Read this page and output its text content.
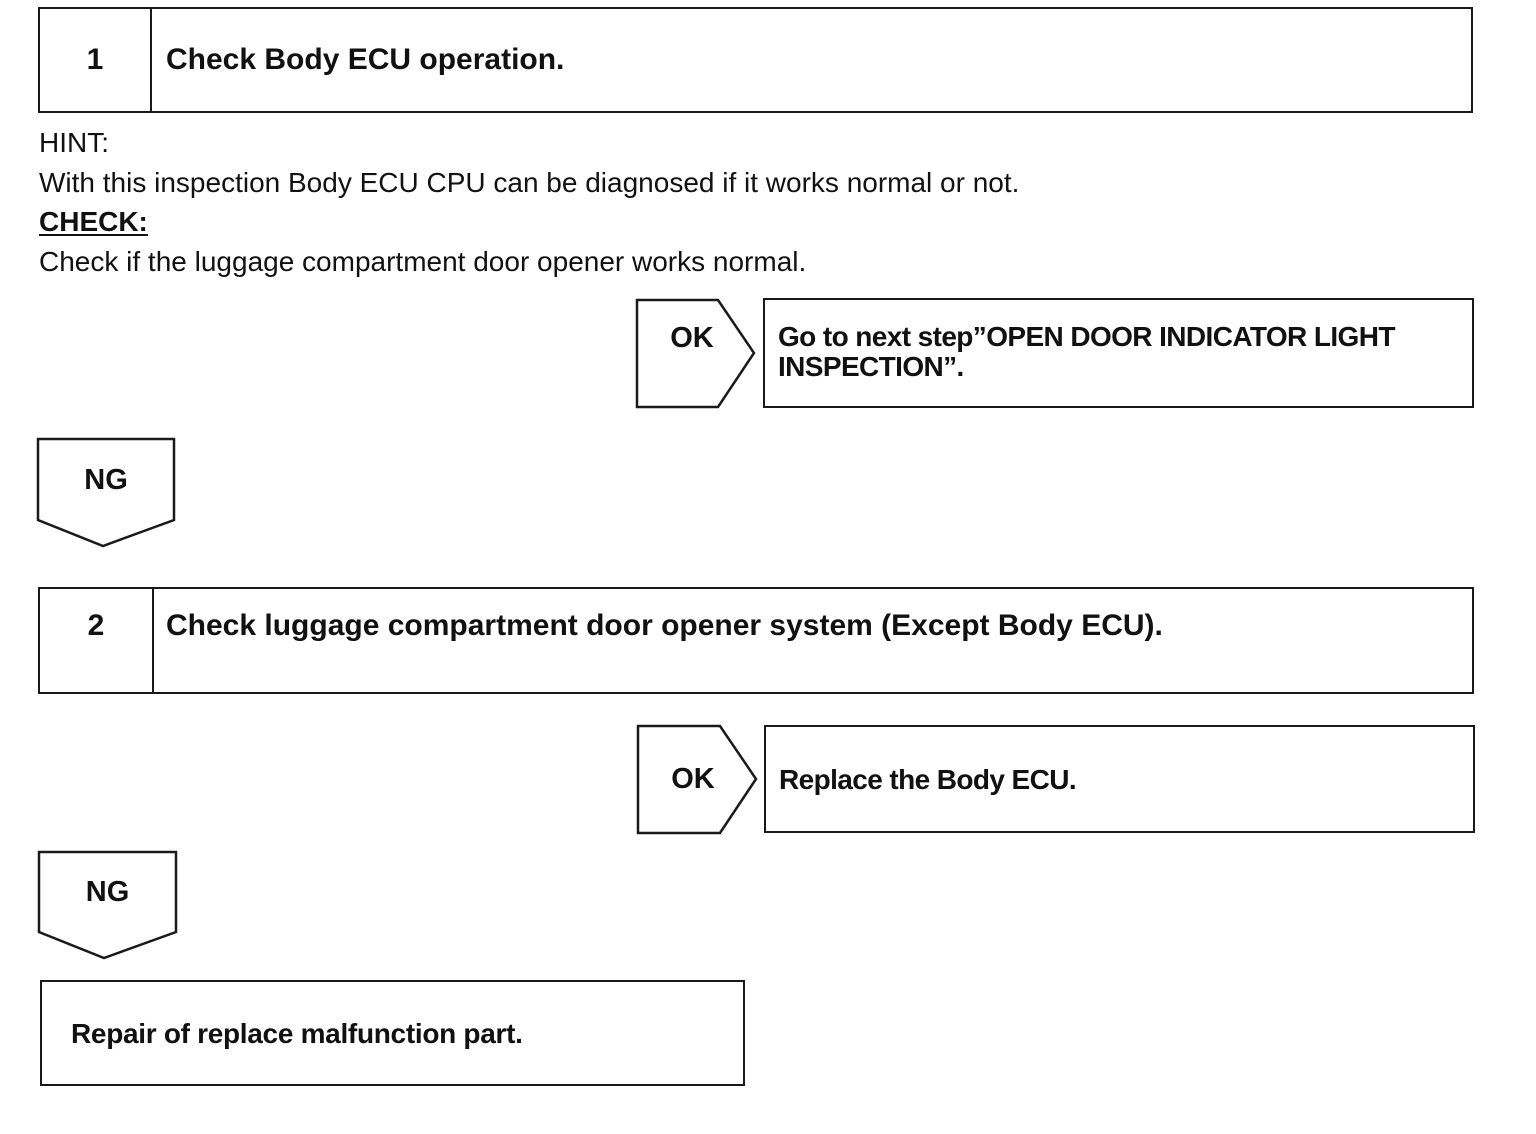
1	Check Body ECU operation.
HINT:
With this inspection Body ECU CPU can be diagnosed if it works normal or not.
CHECK:
Check if the luggage compartment door opener works normal.
OK	Go to next step”OPEN DOOR INDICATOR LIGHT
INSPECTION”.
NG
2	Check luggage compartment door opener system (Except Body ECU).
OK	Replace the Body ECU.
NG
Repair of replace malfunction part.
